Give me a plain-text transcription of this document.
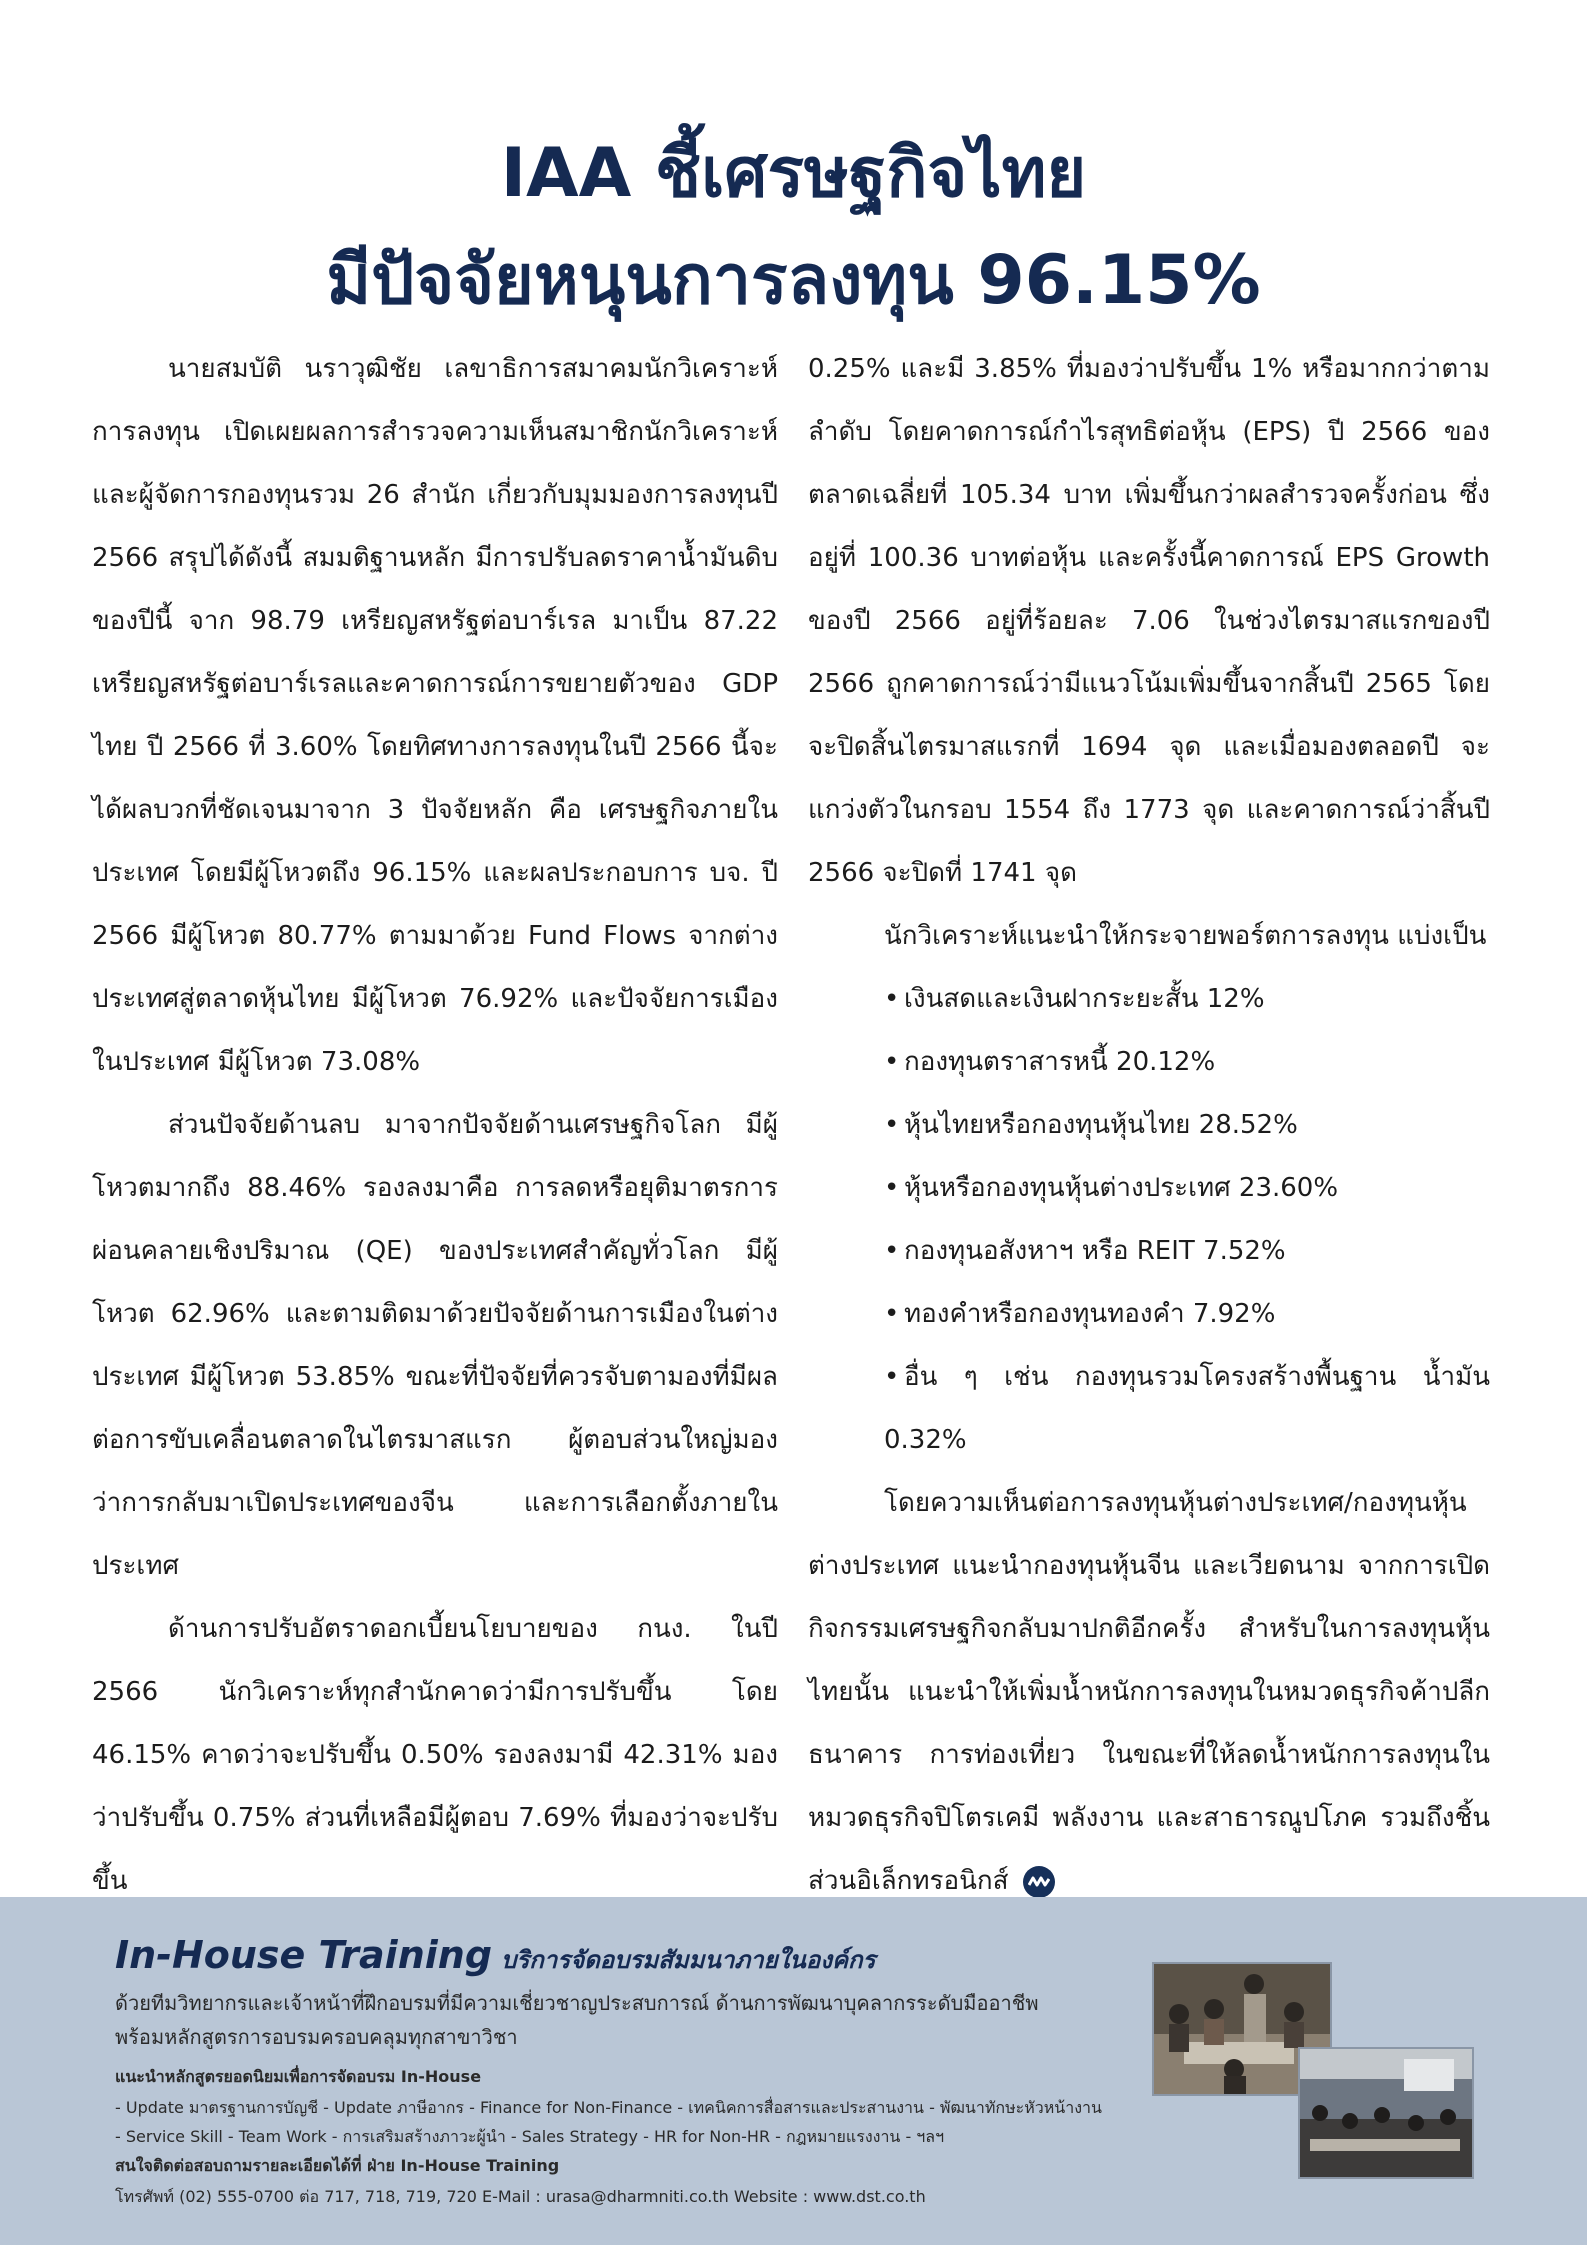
IAA ชี้เศรษฐกิจไทย
มีปัจจัยหนุนการลงทุน 96.15%

นายสมบัติ นราวุฒิชัย เลขาธิการสมาคมนักวิเคราะห์การลงทุน เปิดเผยผลการสำรวจความเห็นสมาชิกนักวิเคราะห์และผู้จัดการกองทุนรวม 26 สำนัก เกี่ยวกับมุมมองการลงทุนปี 2566 สรุปได้ดังนี้ สมมติฐานหลัก มีการปรับลดราคาน้ำมันดิบของปีนี้ จาก 98.79 เหรียญสหรัฐต่อบาร์เรล มาเป็น 87.22 เหรียญสหรัฐต่อบาร์เรลและคาดการณ์การขยายตัวของ GDP ไทย ปี 2566 ที่ 3.60% โดยทิศทางการลงทุนในปี 2566 นี้จะได้ผลบวกที่ชัดเจนมาจาก 3 ปัจจัยหลัก คือ เศรษฐกิจภายในประเทศ โดยมีผู้โหวตถึง 96.15% และผลประกอบการ บจ. ปี 2566 มีผู้โหวต 80.77% ตามมาด้วย Fund Flows จากต่างประเทศสู่ตลาดหุ้นไทย มีผู้โหวต 76.92% และปัจจัยการเมืองในประเทศ มีผู้โหวต 73.08%

ส่วนปัจจัยด้านลบ มาจากปัจจัยด้านเศรษฐกิจโลก มีผู้โหวตมากถึง 88.46% รองลงมาคือ การลดหรือยุติมาตรการผ่อนคลายเชิงปริมาณ (QE) ของประเทศสำคัญทั่วโลก มีผู้โหวต 62.96% และตามติดมาด้วยปัจจัยด้านการเมืองในต่างประเทศ มีผู้โหวต 53.85% ขณะที่ปัจจัยที่ควรจับตามองที่มีผลต่อการขับเคลื่อนตลาดในไตรมาสแรก ผู้ตอบส่วนใหญ่มองว่าการกลับมาเปิดประเทศของจีน และการเลือกตั้งภายในประเทศ

ด้านการปรับอัตราดอกเบี้ยนโยบายของ กนง. ในปี 2566 นักวิเคราะห์ทุกสำนักคาดว่ามีการปรับขึ้น โดย 46.15% คาดว่าจะปรับขึ้น 0.50% รองลงมามี 42.31% มองว่าปรับขึ้น 0.75% ส่วนที่เหลือมีผู้ตอบ 7.69% ที่มองว่าจะปรับขึ้น

0.25% และมี 3.85% ที่มองว่าปรับขึ้น 1% หรือมากกว่าตามลำดับ โดยคาดการณ์กำไรสุทธิต่อหุ้น (EPS) ปี 2566 ของตลาดเฉลี่ยที่ 105.34 บาท เพิ่มขึ้นกว่าผลสำรวจครั้งก่อน ซึ่งอยู่ที่ 100.36 บาทต่อหุ้น และครั้งนี้คาดการณ์ EPS Growth ของปี 2566 อยู่ที่ร้อยละ 7.06 ในช่วงไตรมาสแรกของปี 2566 ถูกคาดการณ์ว่ามีแนวโน้มเพิ่มขึ้นจากสิ้นปี 2565 โดยจะปิดสิ้นไตรมาสแรกที่ 1694 จุด และเมื่อมองตลอดปี จะแกว่งตัวในกรอบ 1554 ถึง 1773 จุด และคาดการณ์ว่าสิ้นปี 2566 จะปิดที่ 1741 จุด

นักวิเคราะห์แนะนำให้กระจายพอร์ตการลงทุน แบ่งเป็น

• เงินสดและเงินฝากระยะสั้น 12%
• กองทุนตราสารหนี้ 20.12%
• หุ้นไทยหรือกองทุนหุ้นไทย 28.52%
• หุ้นหรือกองทุนหุ้นต่างประเทศ 23.60%
• กองทุนอสังหาฯ หรือ REIT 7.52%
• ทองคำหรือกองทุนทองคำ 7.92%
• อื่น ๆ เช่น กองทุนรวมโครงสร้างพื้นฐาน น้ำมัน 0.32%

โดยความเห็นต่อการลงทุนหุ้นต่างประเทศ/กองทุนหุ้นต่างประเทศ แนะนำกองทุนหุ้นจีน และเวียดนาม จากการเปิดกิจกรรมเศรษฐกิจกลับมาปกติอีกครั้ง สำหรับในการลงทุนหุ้นไทยนั้น แนะนำให้เพิ่มน้ำหนักการลงทุนในหมวดธุรกิจค้าปลีก ธนาคาร การท่องเที่ยว ในขณะที่ให้ลดน้ำหนักการลงทุนในหมวดธุรกิจปิโตรเคมี พลังงาน และสาธารณูปโภค รวมถึงชิ้นส่วนอิเล็กทรอนิกส์

In-House Training บริการจัดอบรมสัมมนาภายในองค์กร
ด้วยทีมวิทยากรและเจ้าหน้าที่ฝึกอบรมที่มีความเชี่ยวชาญประสบการณ์ ด้านการพัฒนาบุคลากรระดับมืออาชีพ
พร้อมหลักสูตรการอบรมครอบคลุมทุกสาขาวิชา
แนะนำหลักสูตรยอดนิยมเพื่อการจัดอบรม In-House
- Update มาตรฐานการบัญชี - Update ภาษีอากร - Finance for Non-Finance - เทคนิคการสื่อสารและประสานงาน - พัฒนาทักษะหัวหน้างาน
- Service Skill - Team Work - การเสริมสร้างภาวะผู้นำ - Sales Strategy - HR for Non-HR - กฎหมายแรงงาน - ฯลฯ
สนใจติดต่อสอบถามรายละเอียดได้ที่ ฝ่าย In-House Training
โทรศัพท์ (02) 555-0700 ต่อ 717, 718, 719, 720 E-Mail : urasa@dharmniti.co.th Website : www.dst.co.th
